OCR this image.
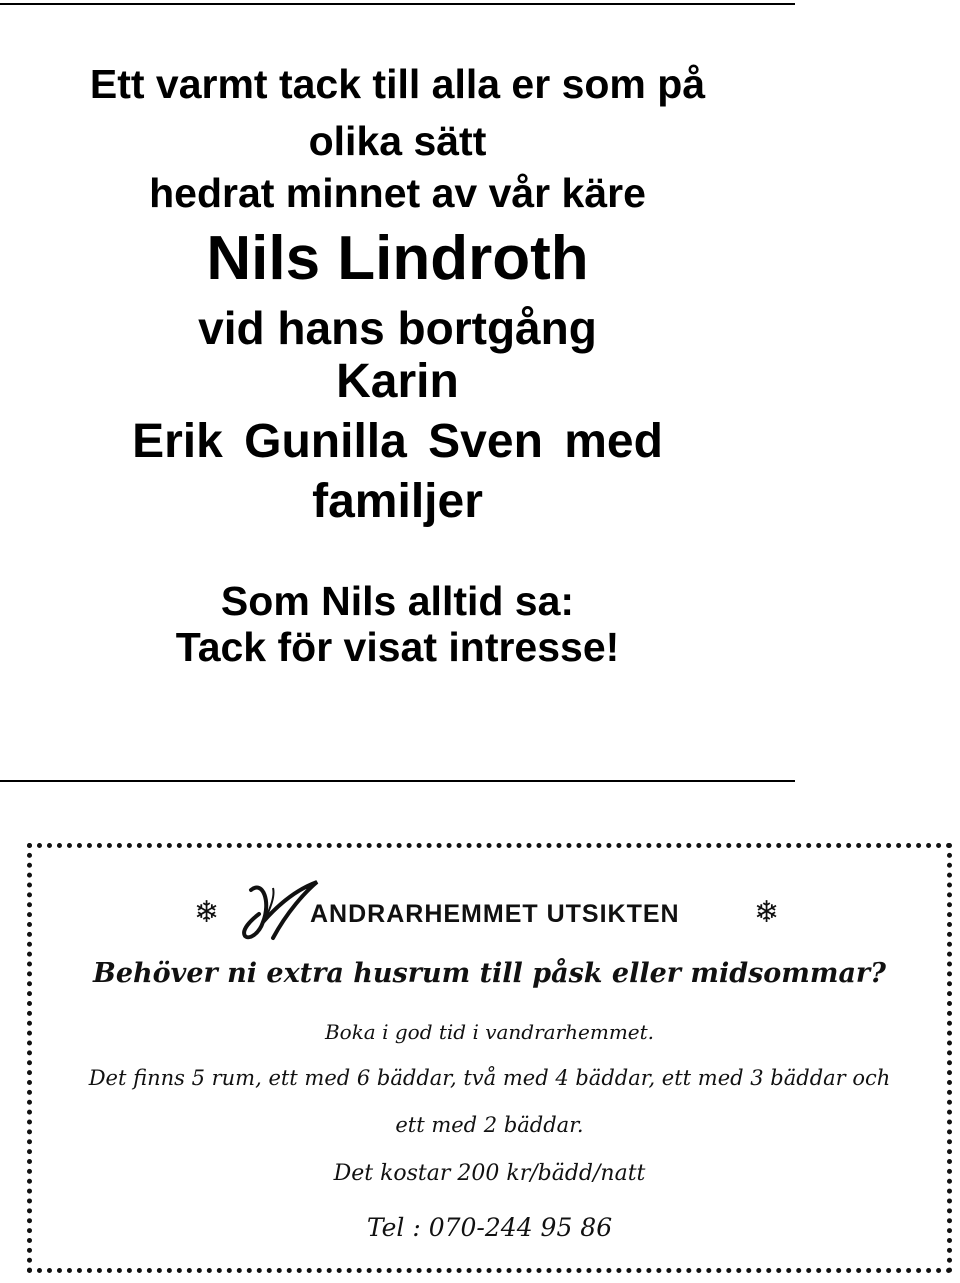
Ett varmt tack till alla er som på

olika sätt

hedrat minnet av vår käre

Nils Lindroth

vid hans bortgång

Karin

Erik Gunilla Sven med

familjer

Som Nils alltid sa:

Tack för visat intresse!

❄	ANDRARHEMMET UTSIKTEN ❄

Behöver ni extra husrum till påsk eller midsommar?

Boka i god tid i vandrarhemmet.

Det finns 5 rum, ett med 6 bäddar, två med 4 bäddar, ett med 3 bäddar och

ett med 2 bäddar.

Det kostar 200 kr/bädd/natt

Tel : 070-244 95 86
